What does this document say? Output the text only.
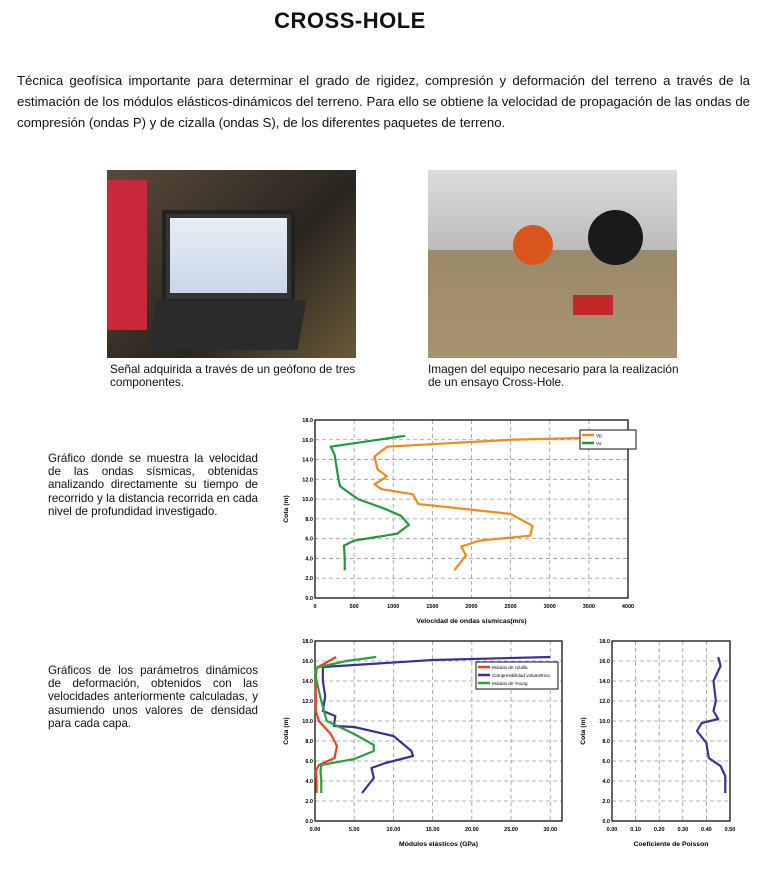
CROSS-HOLE
Técnica geofísica importante para determinar el grado de rigidez, compresión y deformación del terreno a través de la estimación de los módulos elásticos-dinámicos del terreno. Para ello se obtiene la velocidad de propagación de las ondas de compresión (ondas P) y de cizalla (ondas S), de los diferentes paquetes de terreno.
Señal adquirida a través de un geófono de tres componentes.
Imagen del equipo necesario para la realización de un ensayo Cross-Hole.
Gráfico donde se muestra la velocidad de las ondas sísmicas, obtenidas analizando directamente su tiempo de recorrido y la distancia recorrida en cada nivel de profundidad investigado.
Gráficos de los parámetros dinámicos de deformación, obtenidos con las velocidades anteriormente calculadas, y asumiendo unos valores de densidad para cada capa.
0	500	1000	1500	2000	2500	3000	3500	4000
0.0
2.0
4.0
6.0
8.0
10.0
12.0
14.0
16.0
18.0
Velocidad de ondas sísmicas(m/s)
Cota (m)
Vp
Vs
0.00	5.00	10.00	15.00	20.00	25.00	30.00
0.0
2.0
4.0
6.0
8.0
10.0
12.0
14.0
16.0
18.0
Módulos elásticos (GPa)
Cota (m)
Módulo de cizalla
Compresibilidad volumétrica
Módulo de Young
0.00 0.10 0.20 0.30 0.40 0.50
0.0
2.0
4.0
6.0
8.0
10.0
12.0
14.0
16.0
18.0
Coeficiente de Poisson
Cota (m)
